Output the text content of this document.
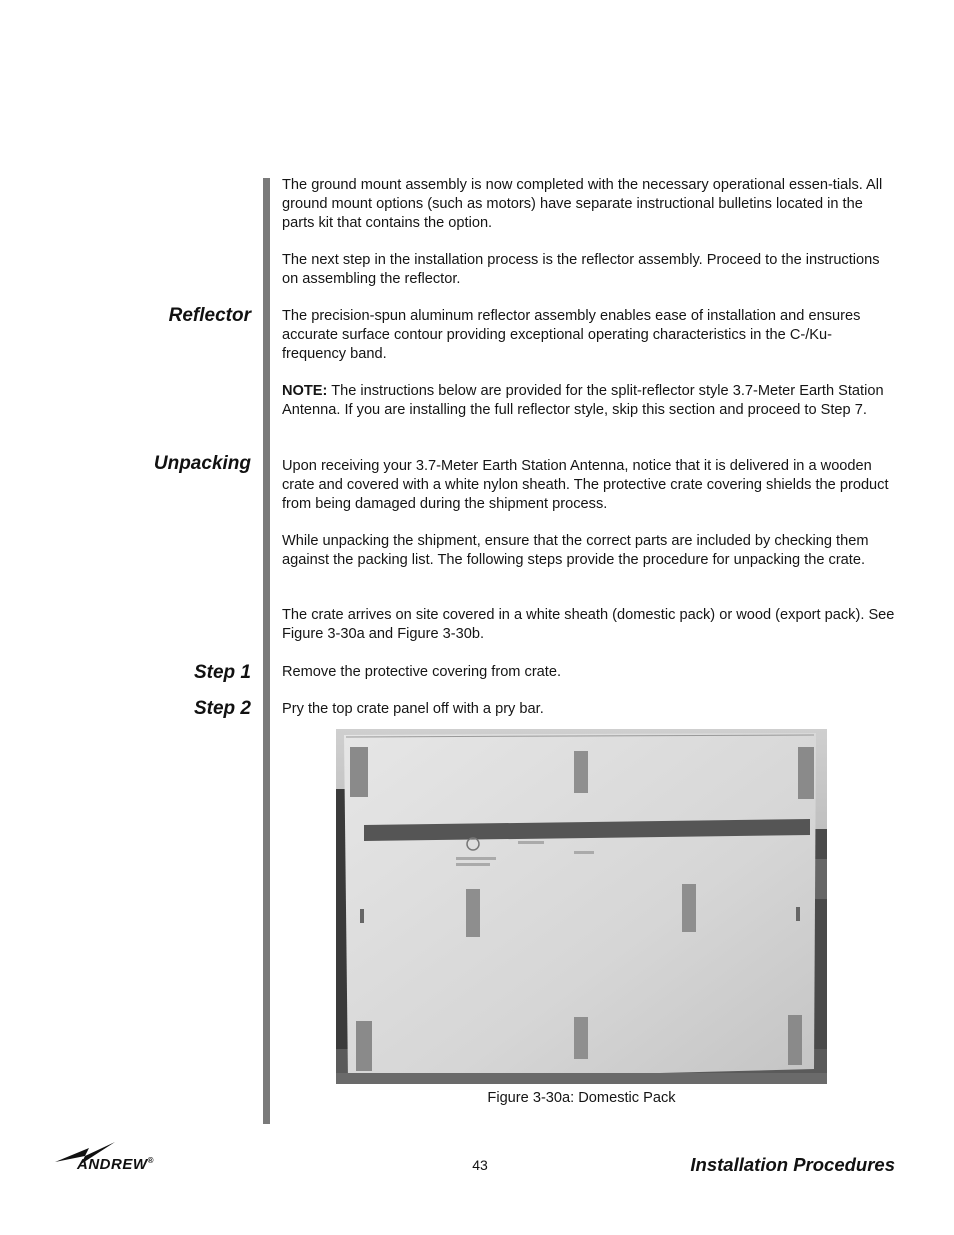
Reflector

Unpacking

Step 1

Step 2

The ground mount assembly is now completed with the necessary operational essen-tials. All ground mount options (such as motors) have separate instructional bulletins located in the parts kit that contains the option.

The next step in the installation process is the reflector assembly. Proceed to the instructions on assembling the reflector.

The precision-spun aluminum reflector assembly enables ease of installation and ensures accurate surface contour providing exceptional operating characteristics in the C-/Ku- frequency band.

NOTE: The instructions below are provided for the split-reflector style 3.7-Meter Earth Station Antenna. If you are installing the full reflector style, skip this section and proceed to Step 7.

Upon receiving your 3.7-Meter Earth Station Antenna, notice that it is delivered in a wooden crate and covered with a white nylon sheath. The protective crate covering shields the product from being damaged during the shipment process.

While unpacking the shipment, ensure that the correct parts are included by checking them against the packing list. The following steps provide the procedure for unpacking the crate.

The crate arrives on site covered in a white sheath (domestic pack) or wood (export pack). See Figure 3-30a and Figure 3-30b.

Remove the protective covering from crate.

Pry the top crate panel off with a pry bar.

Figure 3-30a: Domestic Pack

ANDREW®	43	Installation Procedures
